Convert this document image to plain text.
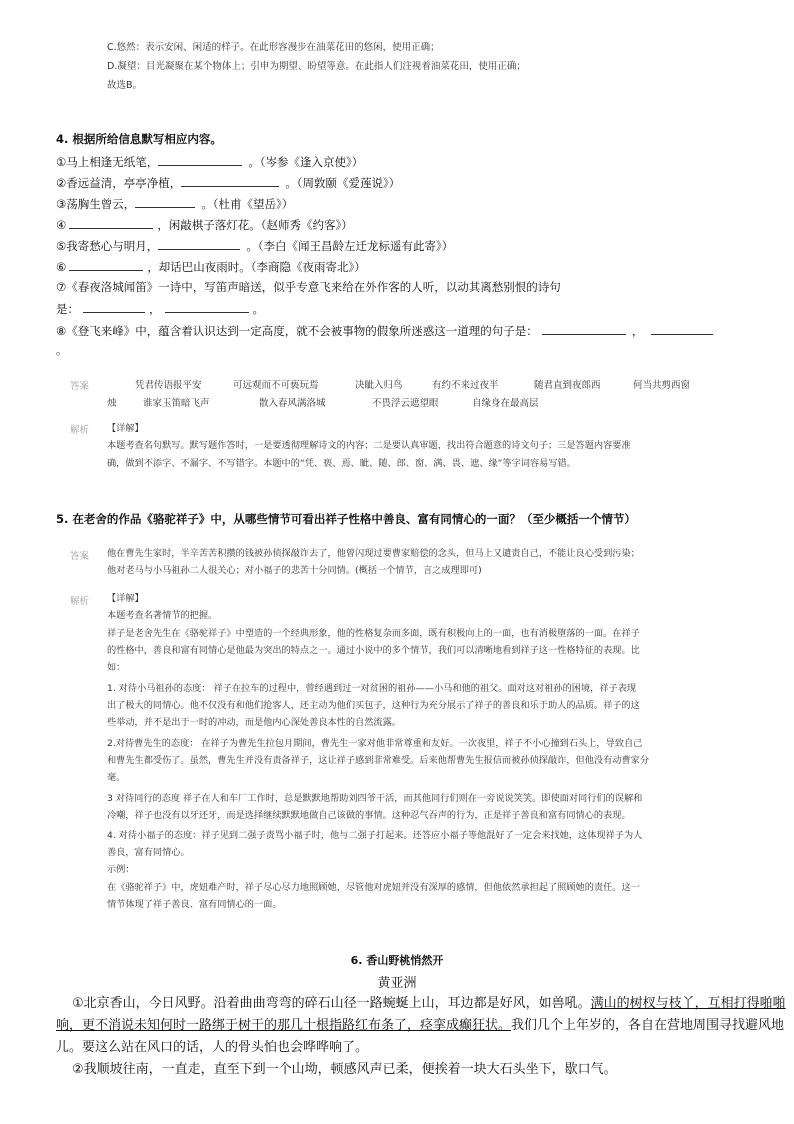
C.悠然：表示安闲、闲适的样子。在此形容漫步在油菜花田的悠闲，使用正确；
D.凝望：目光凝聚在某个物体上；引申为期望、盼望等意。在此指人们注视着油菜花田，使用正确；
故选B。
4. 根据所给信息默写相应内容。
①马上相逢无纸笔，	。（岑参《逢入京使》）
②香远益清，亭亭净植，	。（周敦颐《爱莲说》）
③荡胸生曾云，	。（杜甫《望岳》）
④	，闲敲棋子落灯花。（赵师秀《约客》）
⑤我寄愁心与明月，	。（李白《闻王昌龄左迁龙标遥有此寄》）
⑥	，却话巴山夜雨时。（李商隐《夜雨寄北》）
⑦《春夜洛城闻笛》一诗中，写笛声暗送，似乎专意飞来给在外作客的人听，以动其离愁别恨的诗句
是：	，	。
⑧《登飞来峰》中，蕴含着认识达到一定高度，就不会被事物的假象所迷惑这一道理的句子是：	，
。
答案	凭君传语报平安	可远观而不可亵玩焉	决眦入归鸟	有约不来过夜半	随君直到夜郎西	何当共剪西窗
烛	谁家玉笛暗飞声	散入春风满洛城	不畏浮云遮望眼	自缘身在最高层
解析 【详解】
本题考查名句默写。默写题作答时，一是要透彻理解诗文的内容；二是要认真审题，找出符合题意的诗文句子；三是答题内容要准
确，做到不添字、不漏字、不写错字。本题中的“凭、亵、焉、眦、随、郎、窗、满、畏、遮、缘”等字词容易写错。
5. 在老舍的作品《骆驼祥子》中，从哪些情节可看出祥子性格中善良、富有同情心的一面？（至少概括一个情节）
答案 他在曹先生家时，半辛苦苦积攒的钱被孙侦探敲诈去了，他曾闪现过要曹家赔偿的念头，但马上又谴责自己，不能让良心受到污染；
他对老马与小马祖孙二人很关心；对小福子的悲苦十分同情。(概括一个情节，言之成理即可)
解析 【详解】
本题考查名著情节的把握。
祥子是老舍先生在《骆驼祥子》中塑造的一个经典形象，他的性格复杂而多面，既有积极向上的一面，也有消极堕落的一面。在祥子
的性格中，善良和富有同情心是他最为突出的特点之一。通过小说中的多个情节，我们可以清晰地看到祥子这一性格特征的表现。比
如：
1. 对待小马祖孙的态度： 祥子在拉车的过程中，曾经遇到过一对贫困的祖孙——小马和他的祖父。面对这对祖孙的困境，祥子表现
出了极大的同情心。他不仅没有和他们抢客人，还主动为他们买包子，这种行为充分展示了祥子的善良和乐于助人的品质。祥子的这
些举动，并不是出于一时的冲动，而是他内心深处善良本性的自然流露。
2.对待曹先生的态度： 在祥子为曹先生拉包月期间，曹先生一家对他非常尊重和友好。一次夜里，祥子不小心撞到石头上，导致自己
和曹先生都受伤了。虽然，曹先生并没有责备祥子，这让祥子感到非常难受。后来他帮曹先生报信而被孙侦探敲诈，但他没有动曹家分
毫。
3 对待同行的态度 祥子在人和车厂工作时，总是默默地帮助刘四爷干活，而其他同行们则在一旁说说笑笑。即使面对同行们的误解和
冷嘲，祥子也没有以牙还牙，而是选择继续默默地做自己该做的事情。这种忍气吞声的行为，正是祥子善良和富有同情心的表现。
4. 对待小福子的态度：祥子见到二强子责骂小福子时，他与二强子打起来。还答应小福子等他混好了一定会来找她，这体现祥子为人
善良，富有同情心。
示例：
在《骆驼祥子》中，虎妞难产时，祥子尽心尽力地照顾她，尽管他对虎妞并没有深厚的感情，但他依然承担起了照顾她的责任。这一
情节体现了祥子善良、富有同情心的一面。
6. 香山野桃悄然开
黄亚洲
①北京香山，今日风野。沿着曲曲弯弯的碎石山径一路蜿蜒上山，耳边都是好风，如兽吼。满山的树杈与枝丫，互相打得啪啪
响，更不消说未知何时一路绑于树干的那几十根指路红布条了，痉挛成癫狂状。我们几个上年岁的，各自在营地周围寻找避风地
儿。要这么站在风口的话，人的骨头怕也会哗哗响了。
②我顺坡往南，一直走，直至下到一个山坳，顿感风声已柔，便挨着一块大石头坐下，歇口气。
